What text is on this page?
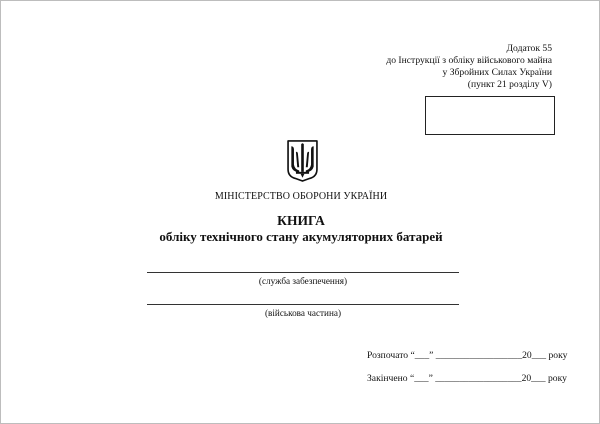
Додаток 55
до Інструкції з обліку військового майна
у Збройних Силах України
(пункт 21 розділу V)
МІНІСТЕРСТВО ОБОРОНИ УКРАЇНИ
КНИГА
обліку технічного стану акумуляторних батарей
(служба забезпечення)
(військова частина)
Розпочато “___” __________________20___ року
Закінчено “___” __________________20___ року
